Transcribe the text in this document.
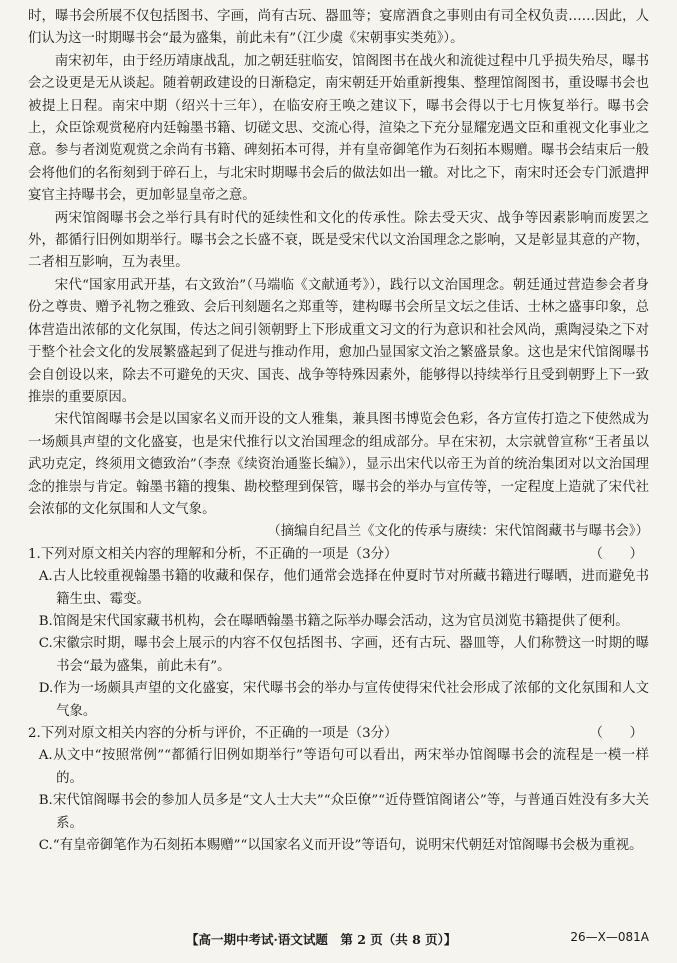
时，曝书会所展不仅包括图书、字画，尚有古玩、器皿等；宴席酒食之事则由有司全权负责……因此，人们认为这一时期曝书会“最为盛集，前此未有”（江少虞《宋朝事实类苑》）。

南宋初年，由于经历靖康战乱，加之朝廷驻临安，馆阁图书在战火和流徙过程中几乎损失殆尽，曝书会之设更是无从谈起。随着朝政建设的日渐稳定，南宋朝廷开始重新搜集、整理馆阁图书，重设曝书会也被提上日程。南宋中期（绍兴十三年），在临安府王唤之建议下，曝书会得以于七月恢复举行。曝书会上，众臣馀观赏秘府内廷翰墨书籍、切磋文思、交流心得，渲染之下充分显耀宠遇文臣和重视文化事业之意。参与者浏览观赏之余尚有书籍、碑刻拓本可得，并有皇帝御笔作为石刻拓本赐赠。曝书会结束后一般会将他们的名衔刻到于碎石上，与北宋时期曝书会后的做法如出一辙。对比之下，南宋时还会专门派遣押宴官主持曝书会，更加彰显皇帝之意。

两宋馆阁曝书会之举行具有时代的延续性和文化的传承性。除去受天灾、战争等因素影响而废罢之外，都循行旧例如期举行。曝书会之长盛不衰，既是受宋代以文治国理念之影响，又是彰显其意的产物，二者相互影响，互为表里。

宋代“国家用武开基，右文致治”（马端临《文献通考》），践行以文治国理念。朝廷通过营造参会者身份之尊贵、赠予礼物之雅致、会后刊刻题名之郑重等，建构曝书会所呈文坛之佳话、士林之盛事印象，总体营造出浓郁的文化氛围，传达之间引领朝野上下形成重文习文的行为意识和社会风尚，熏陶浸染之下对于整个社会文化的发展繁盛起到了促进与推动作用，愈加凸显国家文治之繁盛景象。这也是宋代馆阁曝书会自创设以来，除去不可避免的天灾、国丧、战争等特殊因素外，能够得以持续举行且受到朝野上下一致推崇的重要原因。

宋代馆阁曝书会是以国家名义而开设的文人雅集，兼具图书博览会色彩，各方宣传打造之下使然成为一场颇具声望的文化盛宴，也是宋代推行以文治国理念的组成部分。早在宋初，太宗就曾宣称“王者虽以武功克定，终须用文德致治”（李焘《续资治通鉴长编》），显示出宋代以帝王为首的统治集团对以文治国理念的推崇与肯定。翰墨书籍的搜集、勘校整理到保管，曝书会的举办与宣传等，一定程度上造就了宋代社会浓郁的文化氛围和人文气象。

（摘编自纪昌兰《文化的传承与赓续：宋代馆阁藏书与曝书会》）

1.下列对原文相关内容的理解和分析，不正确的一项是（3分）	（　　）

A.古人比较重视翰墨书籍的收藏和保存，他们通常会选择在仲夏时节对所藏书籍进行曝晒，进而避免书籍生虫、霉变。

B.馆阁是宋代国家藏书机构，会在曝晒翰墨书籍之际举办曝会活动，这为官员浏览书籍提供了便利。

C.宋徽宗时期，曝书会上展示的内容不仅包括图书、字画，还有古玩、器皿等，人们称赞这一时期的曝书会“最为盛集，前此未有”。

D.作为一场颇具声望的文化盛宴，宋代曝书会的举办与宣传使得宋代社会形成了浓郁的文化氛围和人文气象。

2.下列对原文相关内容的分析与评价，不正确的一项是（3分）	（　　）

A.从文中“按照常例”“都循行旧例如期举行”等语句可以看出，两宋举办馆阁曝书会的流程是一模一样的。

B.宋代馆阁曝书会的参加人员多是“文人士大夫”“众臣僚”“近侍暨馆阁诸公”等，与普通百姓没有多大关系。

C.“有皇帝御笔作为石刻拓本赐赠”“以国家名义而开设”等语句，说明宋代朝廷对馆阁曝书会极为重视。

【高一期中考试·语文试题　第 2 页（共 8 页）】	26—X—081A
